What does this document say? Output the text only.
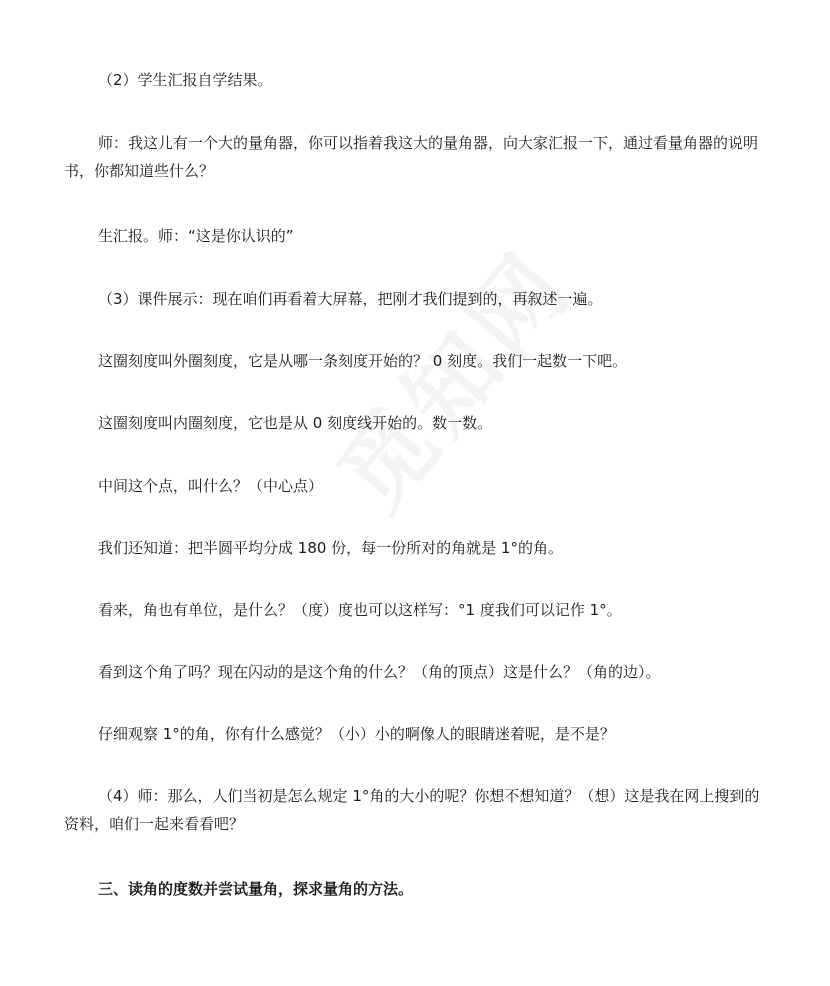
（2）学生汇报自学结果。

师：我这儿有一个大的量角器，你可以指着我这大的量角器，向大家汇报一下，通过看量角器的说明书，你都知道些什么？

生汇报。师：“这是你认识的”

（3）课件展示：现在咱们再看着大屏幕，把刚才我们提到的，再叙述一遍。

这圈刻度叫外圈刻度，它是从哪一条刻度开始的？ 0 刻度。我们一起数一下吧。

这圈刻度叫内圈刻度，它也是从 0 刻度线开始的。数一数。

中间这个点，叫什么？（中心点）

我们还知道：把半圆平均分成 180 份，每一份所对的角就是 1°的角。

看来，角也有单位，是什么？（度）度也可以这样写：°1 度我们可以记作 1°。

看到这个角了吗？现在闪动的是这个角的什么？（角的顶点）这是什么？（角的边）。

仔细观察 1°的角，你有什么感觉？（小）小的啊像人的眼睛迷着呢，是不是？

（4）师：那么，人们当初是怎么规定 1°角的大小的呢？你想不想知道？（想）这是我在网上搜到的资料，咱们一起来看看吧？

三、读角的度数并尝试量角，探求量角的方法。
